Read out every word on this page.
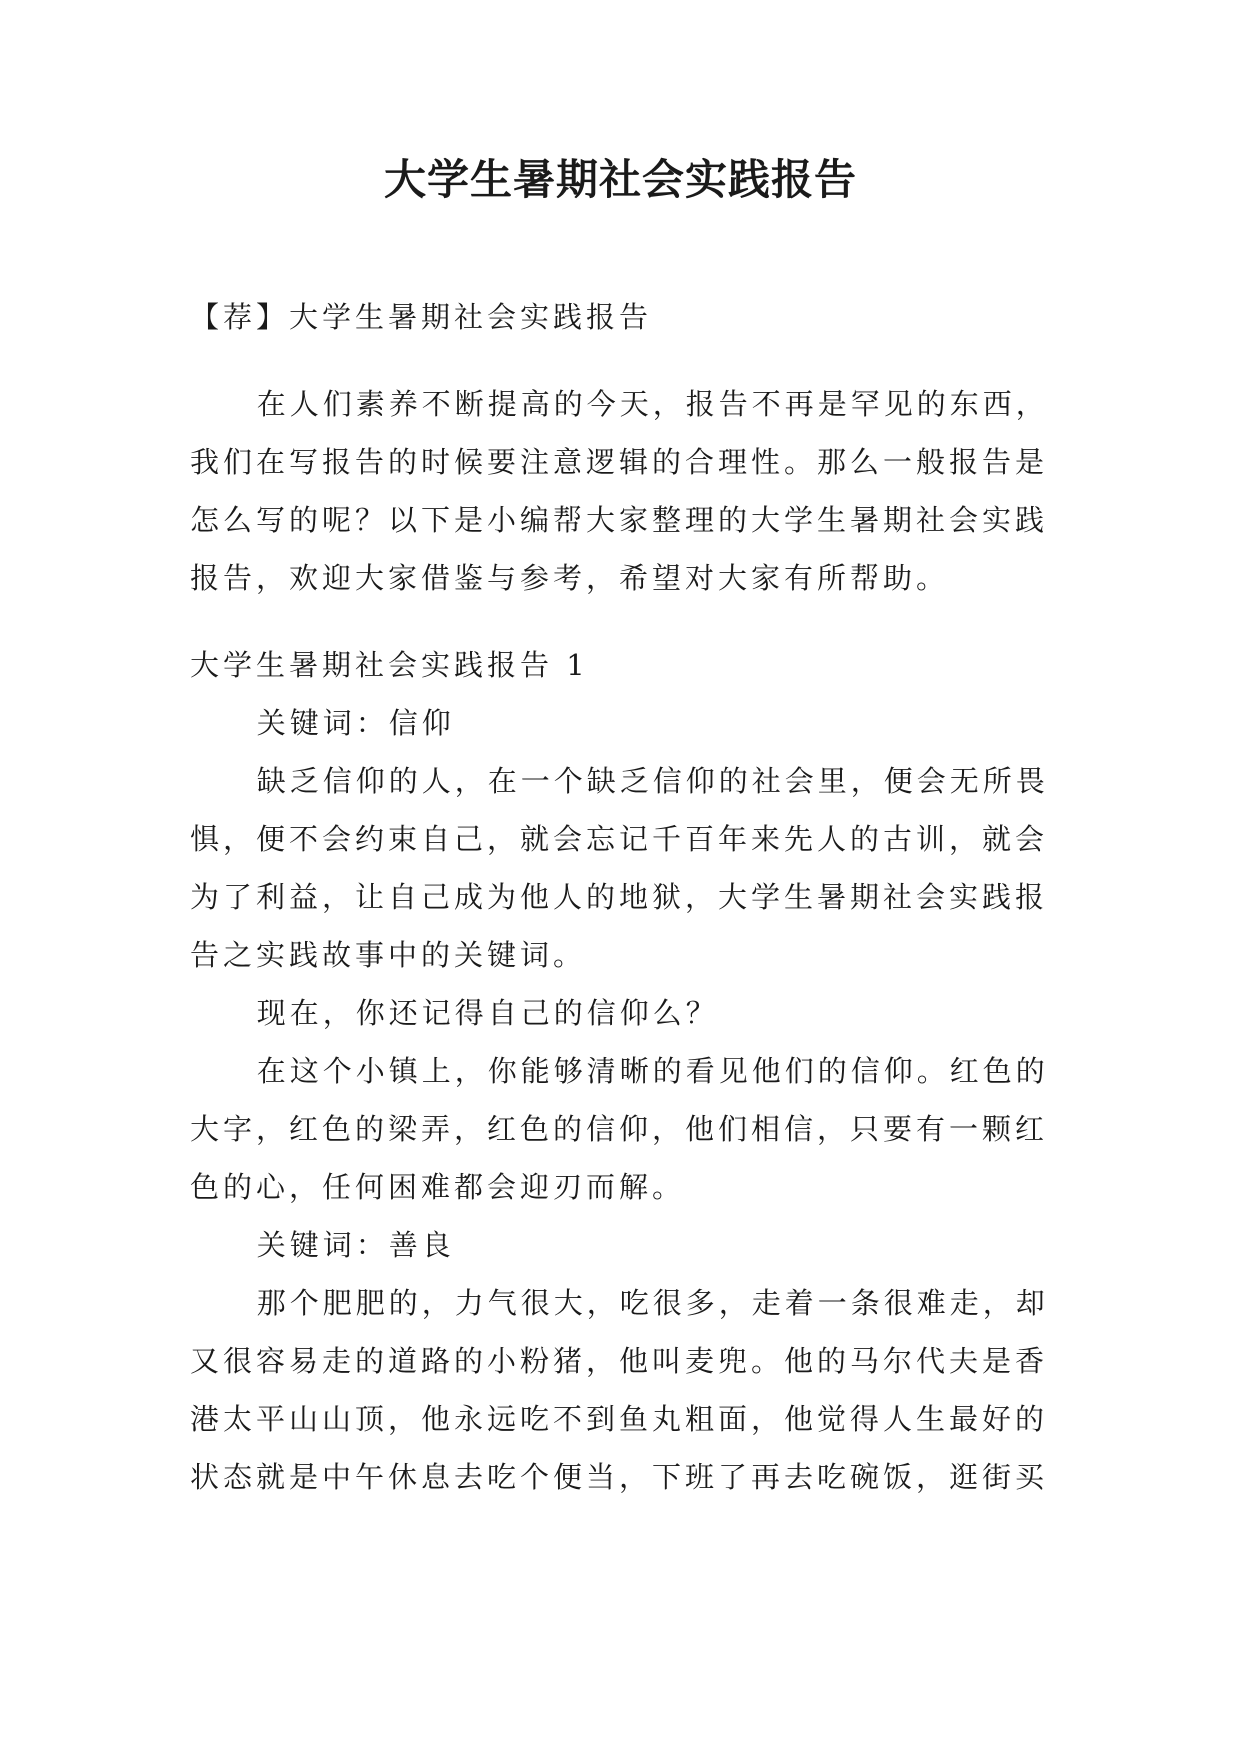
大学生暑期社会实践报告

【荐】大学生暑期社会实践报告

在人们素养不断提高的今天，报告不再是罕见的东西，我们在写报告的时候要注意逻辑的合理性。那么一般报告是怎么写的呢？以下是小编帮大家整理的大学生暑期社会实践报告，欢迎大家借鉴与参考，希望对大家有所帮助。

大学生暑期社会实践报告 1

关键词：信仰

缺乏信仰的人，在一个缺乏信仰的社会里，便会无所畏惧，便不会约束自己，就会忘记千百年来先人的古训，就会为了利益，让自己成为他人的地狱，大学生暑期社会实践报告之实践故事中的关键词。

现在，你还记得自己的信仰么？

在这个小镇上，你能够清晰的看见他们的信仰。红色的大字，红色的梁弄，红色的信仰，他们相信，只要有一颗红色的心，任何困难都会迎刃而解。

关键词：善良

那个肥肥的，力气很大，吃很多，走着一条很难走，却又很容易走的道路的小粉猪，他叫麦兜。他的马尔代夫是香港太平山山顶，他永远吃不到鱼丸粗面，他觉得人生最好的状态就是中午休息去吃个便当，下班了再去吃碗饭，逛街买
